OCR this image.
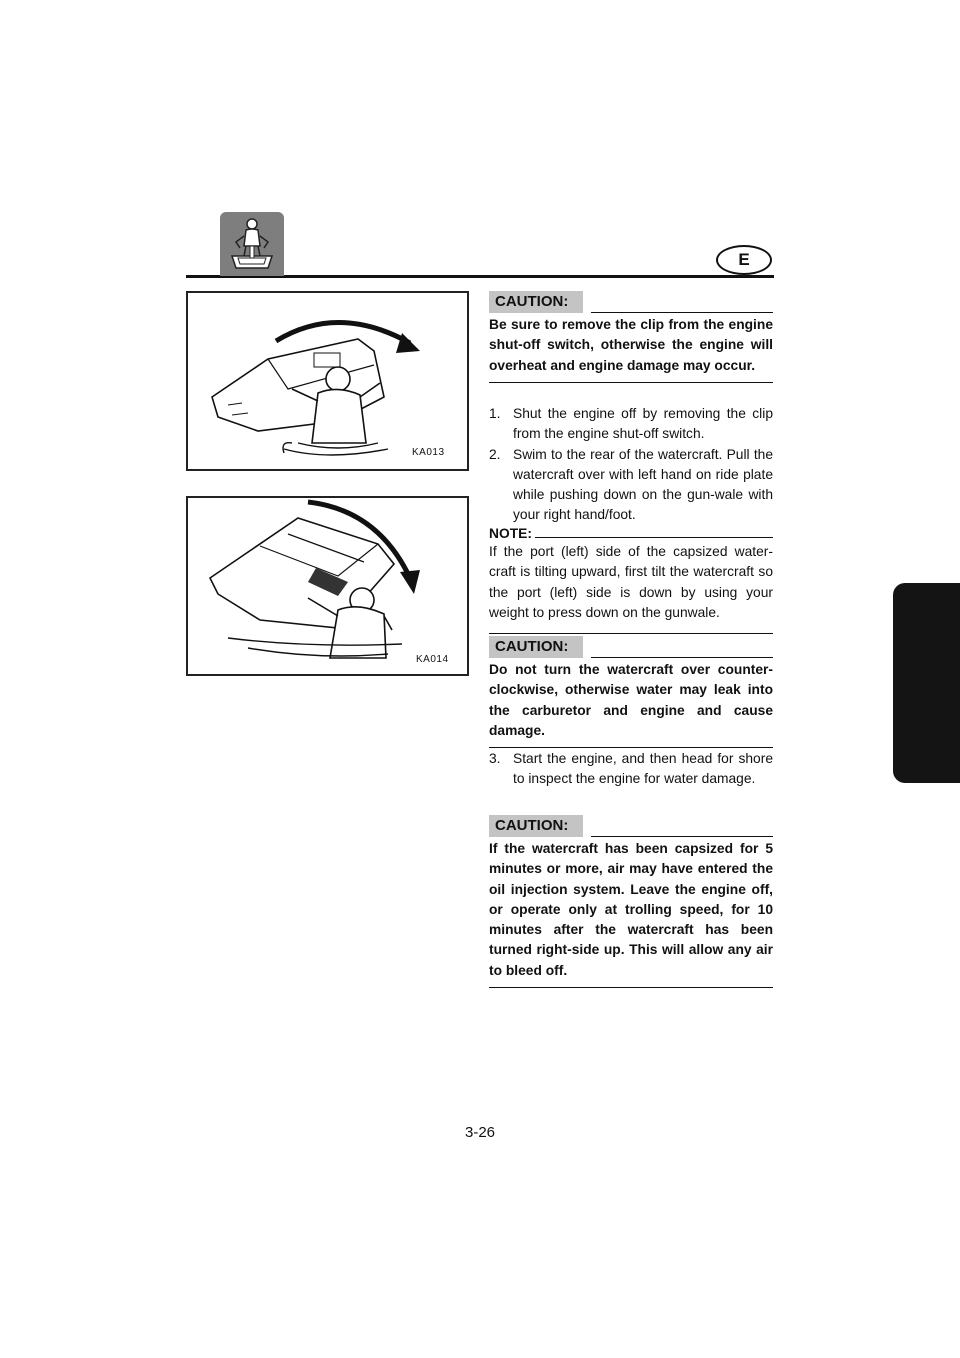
E
KA013
KA014
CAUTION:
Be sure to remove the clip from the engine shut-off switch, otherwise the engine will overheat and engine damage may occur.
1. Shut the engine off by removing the clip from the engine shut-off switch.
2. Swim to the rear of the watercraft. Pull the watercraft over with left hand on ride plate while pushing down on the gun-wale with your right hand/foot.
NOTE:
If the port (left) side of the capsized water-craft is tilting upward, first tilt the watercraft so the port (left) side is down by using your weight to press down on the gunwale.
CAUTION:
Do not turn the watercraft over counter-clockwise, otherwise water may leak into the carburetor and engine and cause damage.
3. Start the engine, and then head for shore to inspect the engine for water damage.
CAUTION:
If the watercraft has been capsized for 5 minutes or more, air may have entered the oil injection system. Leave the engine off, or operate only at trolling speed, for 10 minutes after the watercraft has been turned right-side up. This will allow any air to bleed off.
3-26
